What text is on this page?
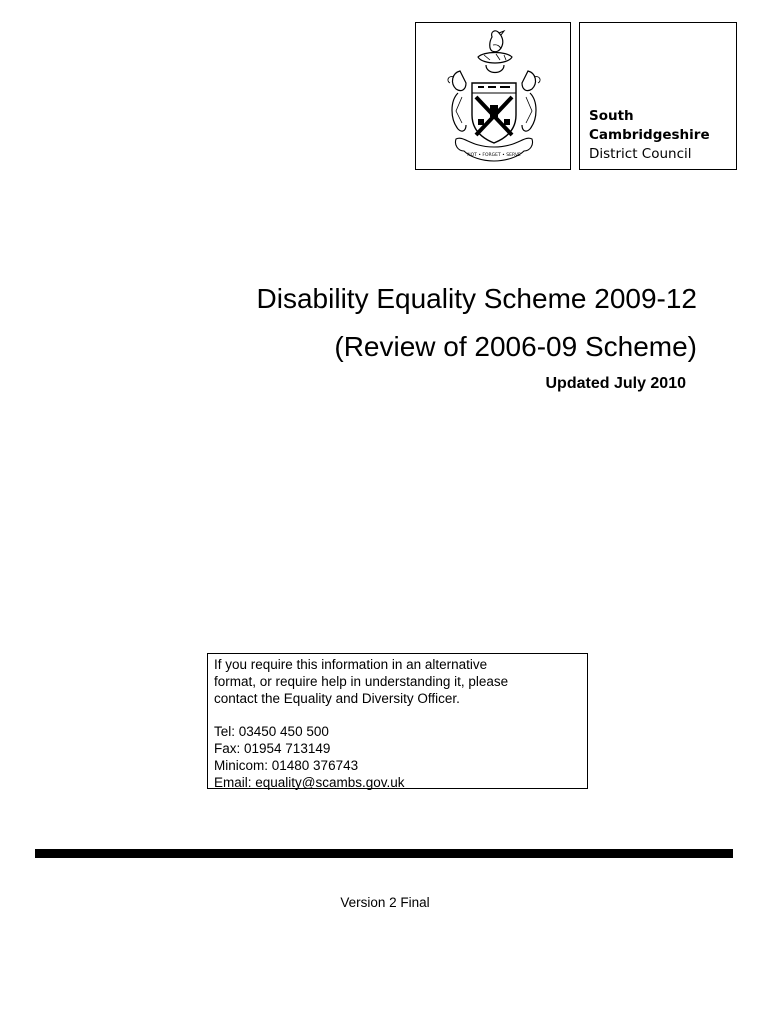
NOT • FORGET • SERVE
South
Cambridgeshire
District Council
Disability Equality Scheme 2009-12
(Review of 2006-09 Scheme)
Updated July 2010

If you require this information in an alternative

format, or require help in understanding it, please

contact the Equality and Diversity Officer.

Tel: 03450 450 500

Fax: 01954 713149

Minicom: 01480 376743

Email: equality@scambs.gov.uk

Version 2 Final
